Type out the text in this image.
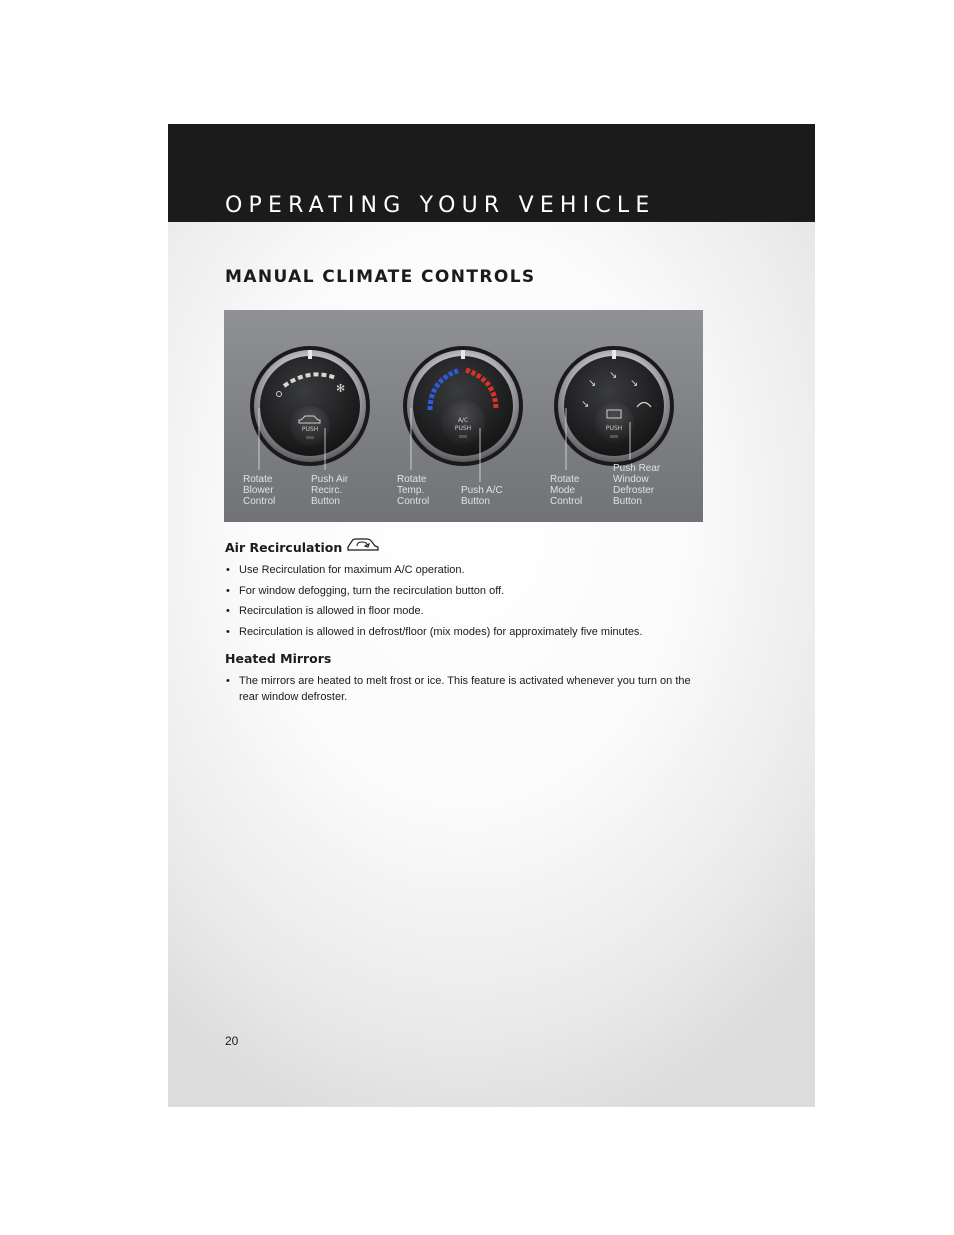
OPERATING YOUR VEHICLE
MANUAL CLIMATE CONTROLS
✻
PUSH
A/C
PUSH
↘
↘
↘
↘
PUSH
Rotate
Blower
Control
Push Air
Recirc.
Button
Rotate
Temp.
Control
Push A/C
Button
Rotate
Mode
Control
Push Rear
Window
Defroster
Button
Air Recirculation
• Use Recirculation for maximum A/C operation.
• For window defogging, turn the recirculation button off.
• Recirculation is allowed in floor mode.
• Recirculation is allowed in defrost/floor (mix modes) for approximately five minutes.
Heated Mirrors
• The mirrors are heated to melt frost or ice. This feature is activated whenever you turn on the rear window defroster.
20
